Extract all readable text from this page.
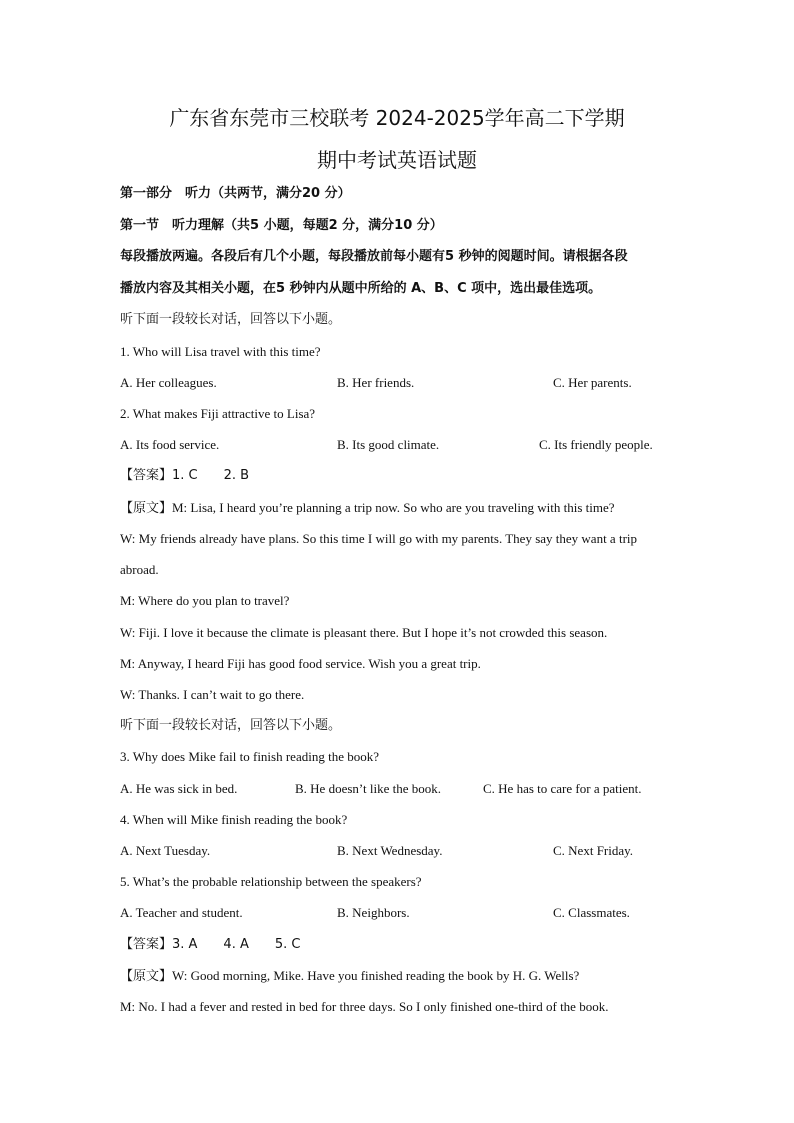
广东省东莞市三校联考 2024-2025学年高二下学期
期中考试英语试题
第一部分　听力（共两节，满分20 分）
第一节　听力理解（共5 小题，每题2 分，满分10 分）
每段播放两遍。各段后有几个小题，每段播放前每小题有5 秒钟的阅题时间。请根据各段
播放内容及其相关小题，在5 秒钟内从题中所给的 A、B、C 项中，选出最佳选项。
听下面一段较长对话，回答以下小题。
1. Who will Lisa travel with this time?
A. Her colleagues.	B. Her friends.	C. Her parents.
2. What makes Fiji attractive to Lisa?
A. Its food service.	B. Its good climate.	C. Its friendly people.
【答案】1. C　　2. B
【原文】M: Lisa, I heard you’re planning a trip now. So who are you traveling with this time?
W: My friends already have plans. So this time I will go with my parents. They say they want a trip
abroad.
M: Where do you plan to travel?
W: Fiji. I love it because the climate is pleasant there. But I hope it’s not crowded this season.
M: Anyway, I heard Fiji has good food service. Wish you a great trip.
W: Thanks. I can’t wait to go there.
听下面一段较长对话，回答以下小题。
3. Why does Mike fail to finish reading the book?
A. He was sick in bed.	B. He doesn’t like the book.	C. He has to care for a patient.
4. When will Mike finish reading the book?
A. Next Tuesday.	B. Next Wednesday.	C. Next Friday.
5. What’s the probable relationship between the speakers?
A. Teacher and student.	B. Neighbors.	C. Classmates.
【答案】3. A　　4. A　　5. C
【原文】W: Good morning, Mike. Have you finished reading the book by H. G. Wells?
M: No. I had a fever and rested in bed for three days. So I only finished one-third of the book.
